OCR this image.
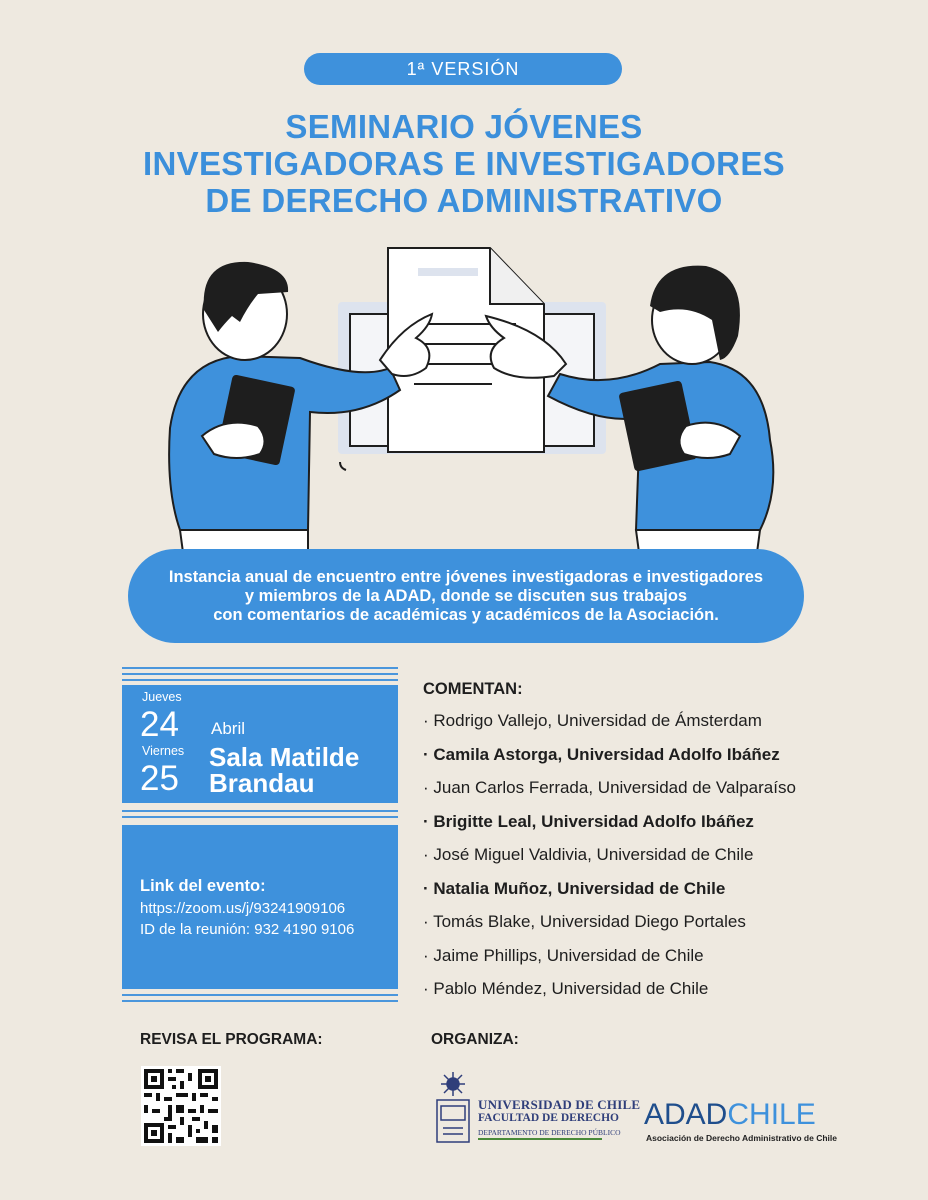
1ª VERSIÓN
SEMINARIO JÓVENES
INVESTIGADORAS E INVESTIGADORES
DE DERECHO ADMINISTRATIVO
Instancia anual de encuentro entre jóvenes investigadoras e investigadores
y miembros de la ADAD, donde se discuten sus trabajos
con comentarios de académicas y académicos de la Asociación.
Jueves
24
Viernes
25
Abril
Sala Matilde
Brandau
Link del evento:
https://zoom.us/j/93241909106
ID de la reunión: 932 4190 9106
COMENTAN:
· Rodrigo Vallejo, Universidad de Ámsterdam
· Camila Astorga, Universidad Adolfo Ibáñez
· Juan Carlos Ferrada, Universidad de Valparaíso
· Brigitte Leal, Universidad Adolfo Ibáñez
· José Miguel Valdivia, Universidad de Chile
· Natalia Muñoz, Universidad de Chile
· Tomás Blake, Universidad Diego Portales
· Jaime Phillips, Universidad de Chile
· Pablo Méndez, Universidad de Chile
REVISA EL PROGRAMA:	ORGANIZA:
UNIVERSIDAD DE CHILE
FACULTAD DE DERECHO
DEPARTAMENTO DE DERECHO PÚBLICO
ADADCHILE
Asociación de Derecho Administrativo de Chile
